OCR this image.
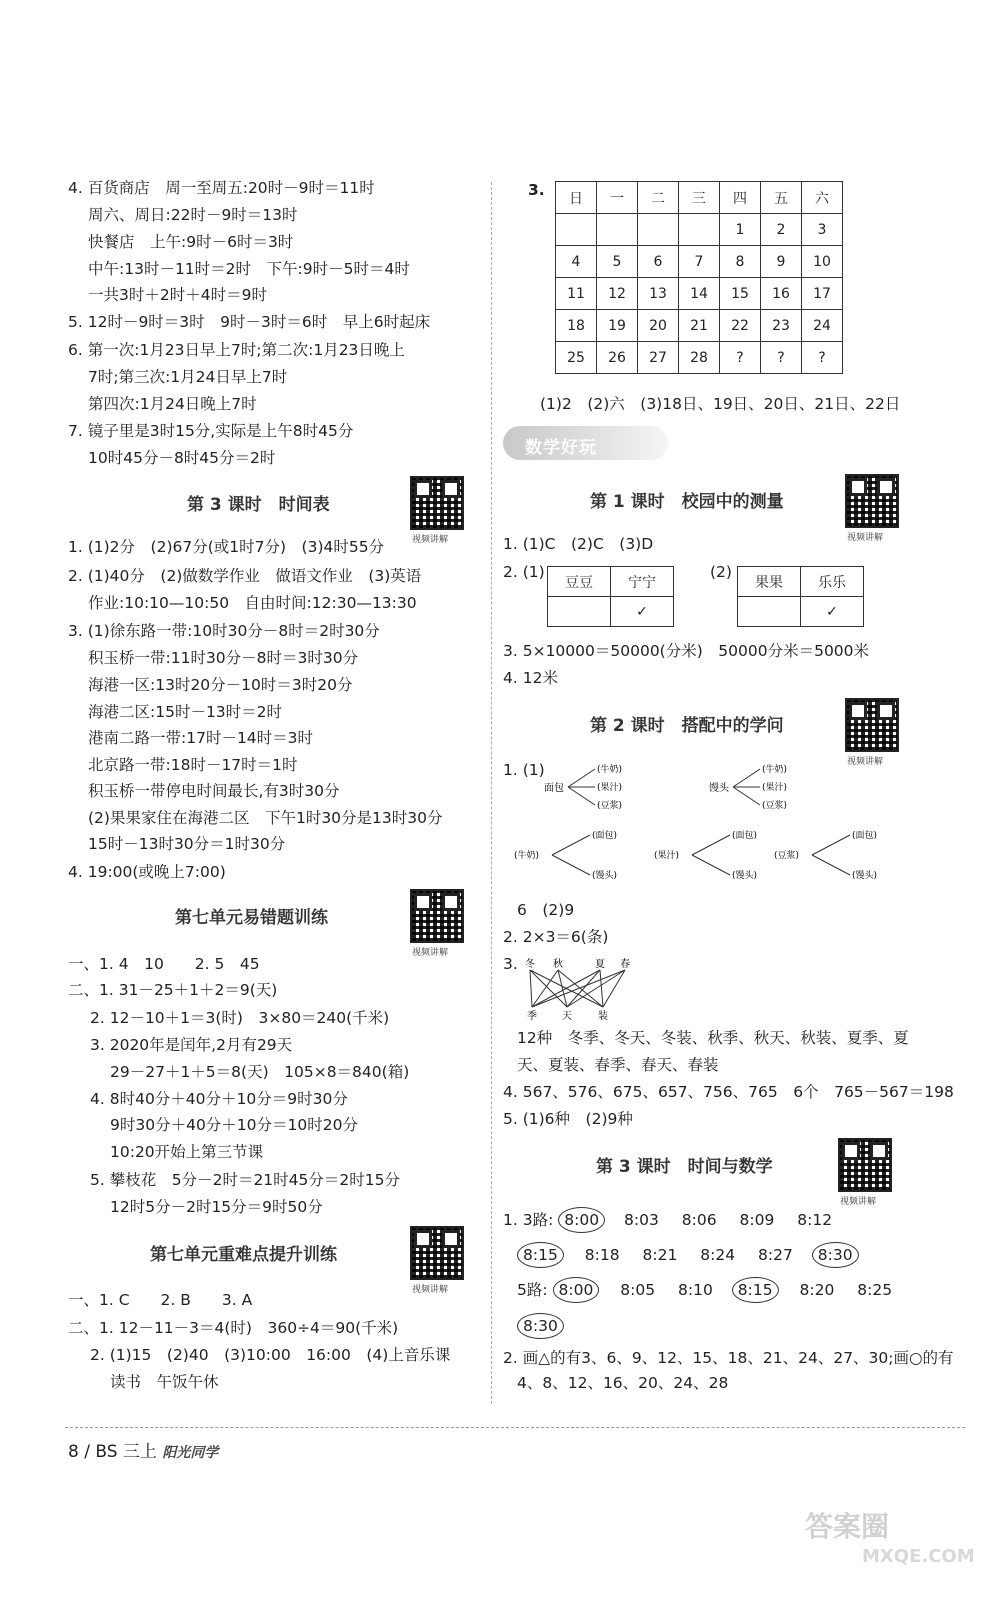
4. 百货商店　周一至周五:20时－9时＝11时
周六、周日:22时－9时＝13时
快餐店　上午:9时－6时＝3时
中午:13时－11时＝2时　下午:9时－5时＝4时
一共3时＋2时＋4时＝9时
5. 12时－9时＝3时　9时－3时＝6时　早上6时起床
6. 第一次:1月23日早上7时;第二次:1月23日晚上
7时;第三次:1月24日早上7时
第四次:1月24日晚上7时
7. 镜子里是3时15分,实际是上午8时45分
10时45分－8时45分＝2时
第 3 课时　时间表
视频讲解
1. (1)2分　(2)67分(或1时7分)　(3)4时55分
2. (1)40分　(2)做数学作业　做语文作业　(3)英语
作业:10:10—10:50　自由时间:12:30—13:30
3. (1)徐东路一带:10时30分－8时＝2时30分
积玉桥一带:11时30分－8时＝3时30分
海港一区:13时20分－10时＝3时20分
海港二区:15时－13时＝2时
港南二路一带:17时－14时＝3时
北京路一带:18时－17时＝1时
积玉桥一带停电时间最长,有3时30分
(2)果果家住在海港二区　下午1时30分是13时30分
15时－13时30分＝1时30分
4. 19:00(或晚上7:00)
第七单元易错题训练
视频讲解
一、1. 4　10　　2. 5　45
二、1. 31－25＋1＋2＝9(天)
2. 12－10＋1＝3(时)　3×80＝240(千米)
3. 2020年是闰年,2月有29天
29－27＋1＋5＝8(天)　105×8＝840(箱)
4. 8时40分＋40分＋10分＝9时30分
9时30分＋40分＋10分＝10时20分
10:20开始上第三节课
5. 攀枝花　5分－2时＝21时45分＝2时15分
12时5分－2时15分＝9时50分
第七单元重难点提升训练
视频讲解
一、1. C　　2. B　　3. A
二、1. 12－11－3＝4(时)　360÷4＝90(千米)
2. (1)15　(2)40　(3)10:00　16:00　(4)上音乐课
读书　午饭午休
3. 日	一	二	三	四	五	六
				1	2	3
4	5	6	7	8	9	10
11	12	13	14	15	16	17
18	19	20	21	22	23	24
25	26	27	28	?	?	?
(1)2　(2)六　(3)18日、19日、20日、21日、22日
数学好玩
第 1 课时　校园中的测量
视频讲解
1. (1)C　(2)C　(3)D
2. (1)
豆豆	宁宁
	✓
(2)
果果	乐乐
	✓
3. 5×10000＝50000(分米)　50000分米＝5000米
4. 12米
第 2 课时　搭配中的学问
视频讲解
1. (1)
面包
(牛奶)
(果汁)
(豆浆)
馒头
(牛奶)
(果汁)
(豆浆)
(牛奶)
(面包)
(馒头)
(果汁)
(面包)
(馒头)
(豆浆)
(面包)
(馒头)
6　(2)9
2. 2×3＝6(条)
3. 冬 秋	夏 春
季	天	装
12种　冬季、冬天、冬装、秋季、秋天、秋装、夏季、夏
天、夏装、春季、春天、春装
4. 567、576、675、657、756、765　6个　765－567＝198
5. (1)6种　(2)9种
第 3 课时　时间与数学
视频讲解
1. 3路: 8:00 8:03 8:06 8:09 8:12
8:15 8:18 8:21 8:24 8:27 8:30
5路: 8:00 8:05 8:10 8:15 8:20 8:25
8:30
2. 画△的有3、6、9、12、15、18、21、24、27、30;画○的有
4、8、12、16、20、24、28
8 / BS 三上 阳光同学
答案圈
MXQE.COM
